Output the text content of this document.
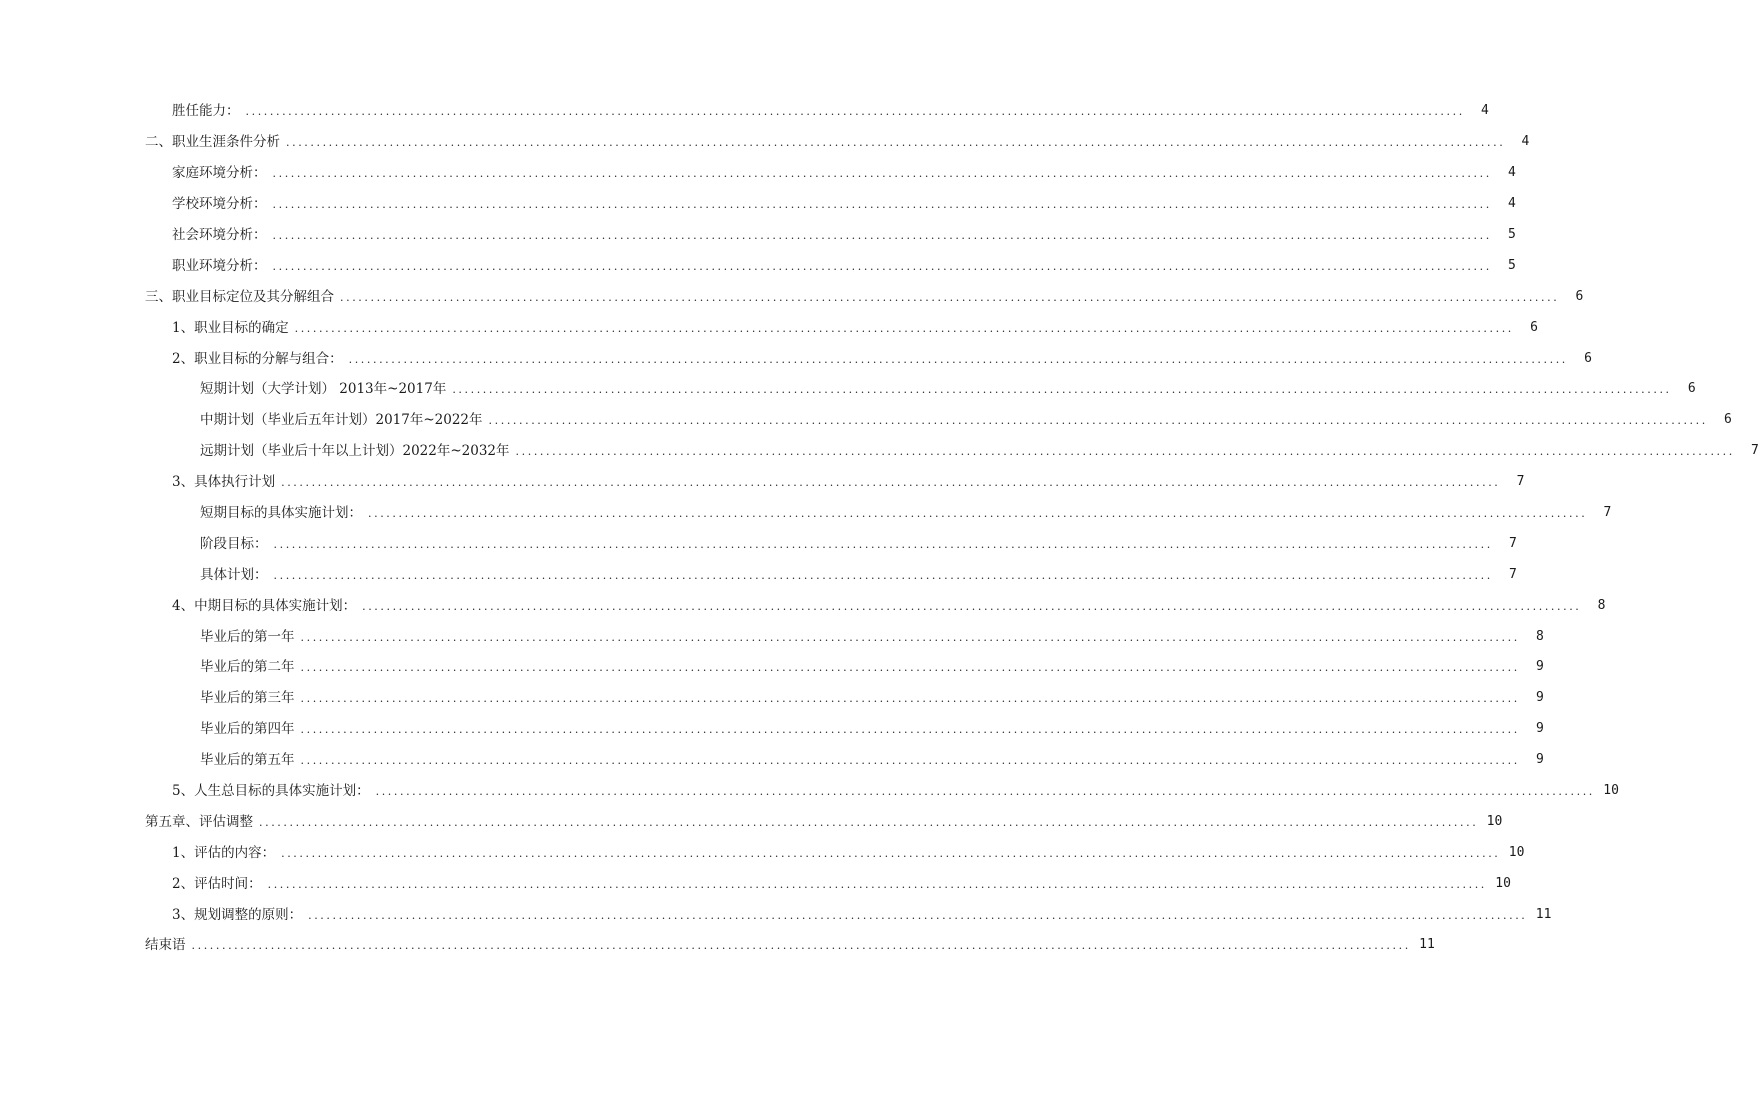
胜任能力： ........................................................................................................................................................................................................	4
二、职业生涯条件分析 ........................................................................................................................................................................................................	4
家庭环境分析： ........................................................................................................................................................................................................	4
学校环境分析： ........................................................................................................................................................................................................	4
社会环境分析： ........................................................................................................................................................................................................	5
职业环境分析： ........................................................................................................................................................................................................	5
三、职业目标定位及其分解组合 ........................................................................................................................................................................................................	6
1、职业目标的确定 ........................................................................................................................................................................................................	6
2、职业目标的分解与组合： ........................................................................................................................................................................................................	6
短期计划（大学计划） 2013年~2017年 ........................................................................................................................................................................................................	6
中期计划（毕业后五年计划）2017年~2022年 ........................................................................................................................................................................................................	6
远期计划（毕业后十年以上计划）2022年~2032年 ........................................................................................................................................................................................................	7
3、具体执行计划 ........................................................................................................................................................................................................	7
短期目标的具体实施计划： ........................................................................................................................................................................................................	7
阶段目标： ........................................................................................................................................................................................................	7
具体计划： ........................................................................................................................................................................................................	7
4、中期目标的具体实施计划： ........................................................................................................................................................................................................	8
毕业后的第一年 ........................................................................................................................................................................................................	8
毕业后的第二年 ........................................................................................................................................................................................................	9
毕业后的第三年 ........................................................................................................................................................................................................	9
毕业后的第四年 ........................................................................................................................................................................................................	9
毕业后的第五年 ........................................................................................................................................................................................................	9
5、人生总目标的具体实施计划： ........................................................................................................................................................................................................ 10
第五章、评估调整 ........................................................................................................................................................................................................ 10
1、评估的内容： ........................................................................................................................................................................................................ 10
2、评估时间： ........................................................................................................................................................................................................ 10
3、规划调整的原则： ........................................................................................................................................................................................................ 11
结束语 ........................................................................................................................................................................................................ 11
